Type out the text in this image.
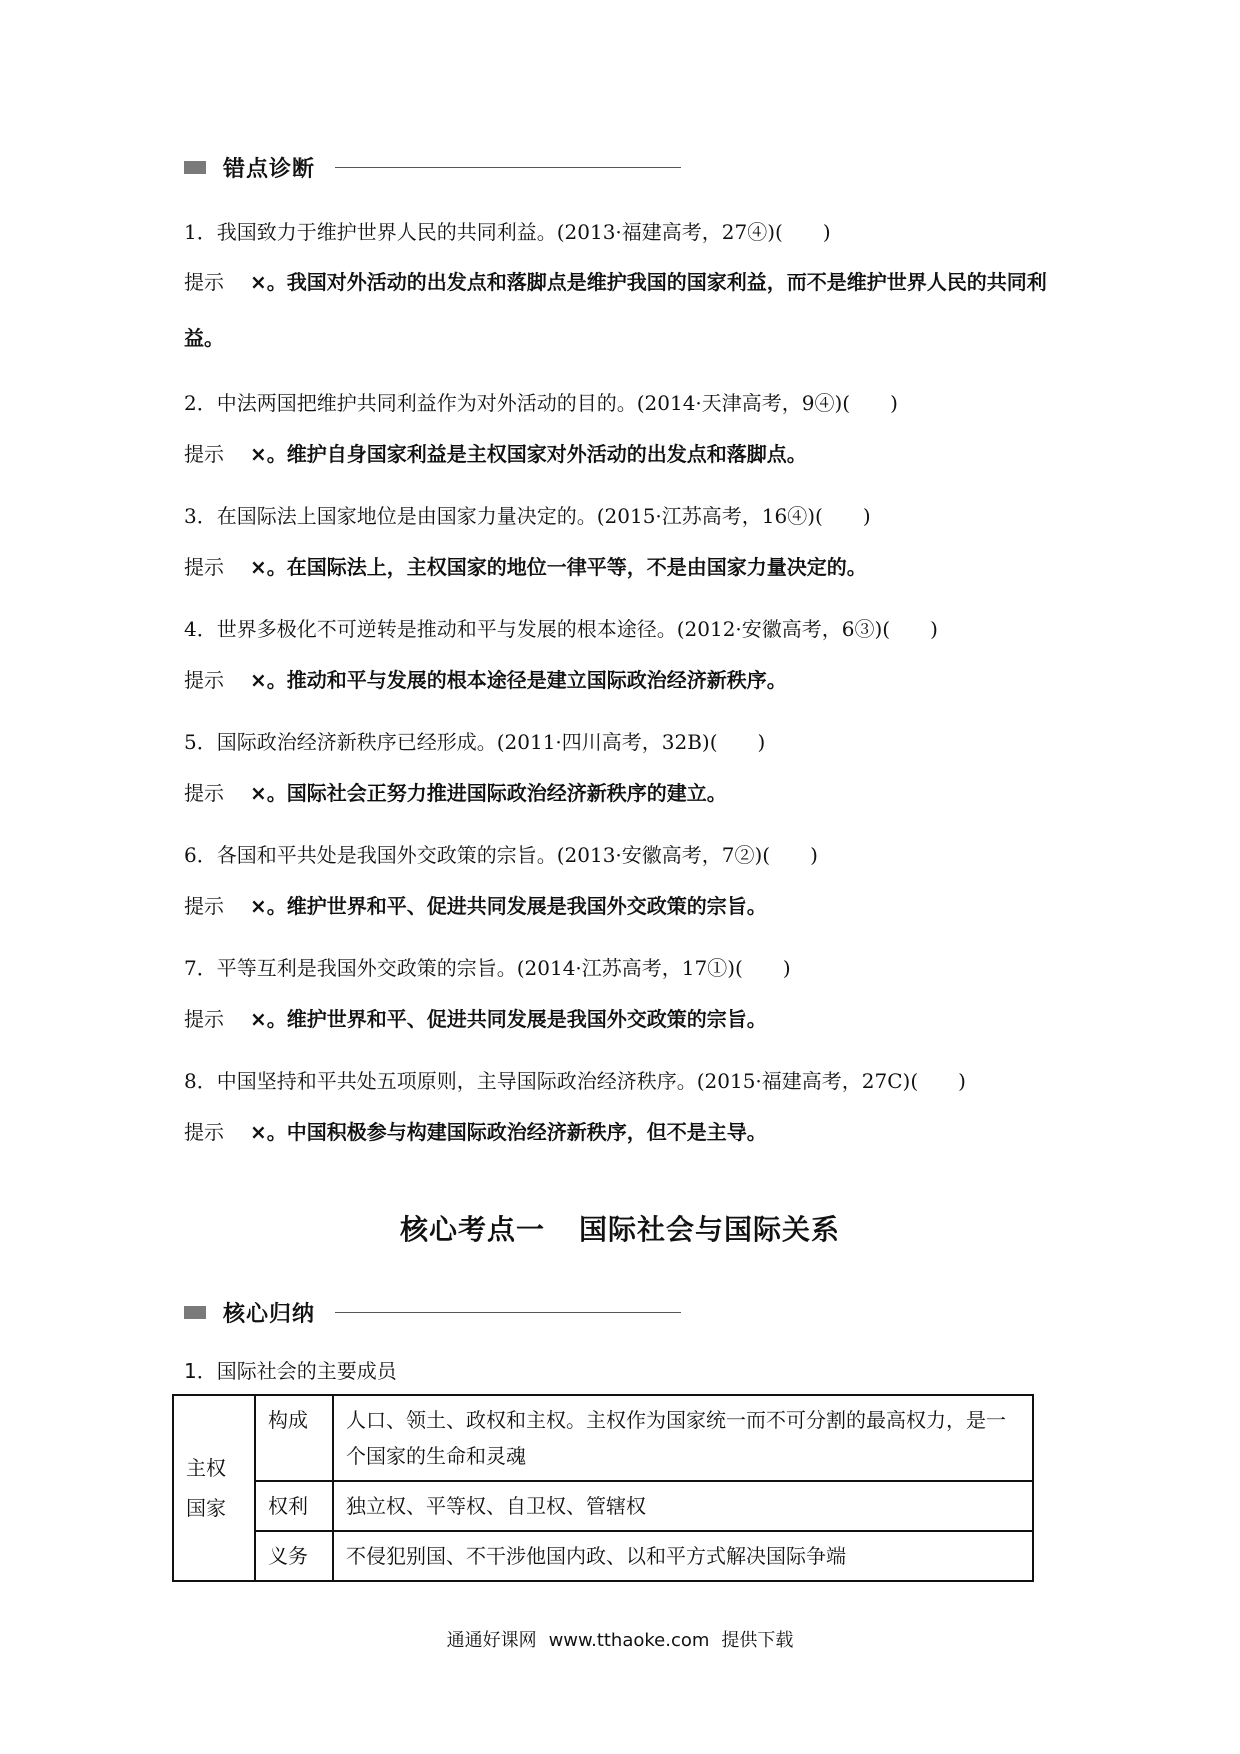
错点诊断
1．我国致力于维护世界人民的共同利益。(2013·福建高考，27④)(　　)
提示 ×。我国对外活动的出发点和落脚点是维护我国的国家利益，而不是维护世界人民的共同利益。
2．中法两国把维护共同利益作为对外活动的目的。(2014·天津高考，9④)(　　)
提示 ×。维护自身国家利益是主权国家对外活动的出发点和落脚点。
3．在国际法上国家地位是由国家力量决定的。(2015·江苏高考，16④)(　　)
提示 ×。在国际法上，主权国家的地位一律平等，不是由国家力量决定的。
4．世界多极化不可逆转是推动和平与发展的根本途径。(2012·安徽高考，6③)(　　)
提示 ×。推动和平与发展的根本途径是建立国际政治经济新秩序。
5．国际政治经济新秩序已经形成。(2011·四川高考，32B)(　　)
提示 ×。国际社会正努力推进国际政治经济新秩序的建立。
6．各国和平共处是我国外交政策的宗旨。(2013·安徽高考，7②)(　　)
提示 ×。维护世界和平、促进共同发展是我国外交政策的宗旨。
7．平等互利是我国外交政策的宗旨。(2014·江苏高考，17①)(　　)
提示 ×。维护世界和平、促进共同发展是我国外交政策的宗旨。
8．中国坚持和平共处五项原则，主导国际政治经济秩序。(2015·福建高考，27C)(　　)
提示 ×。中国积极参与构建国际政治经济新秩序，但不是主导。
核心考点一 国际社会与国际关系
核心归纳
1．国际社会的主要成员
主权国家	构成	人口、领土、政权和主权。主权作为国家统一而不可分割的最高权力，是一个国家的生命和灵魂
	权利	独立权、平等权、自卫权、管辖权
	义务	不侵犯别国、不干涉他国内政、以和平方式解决国际争端
通通好课网 www.tthaoke.com 提供下载
